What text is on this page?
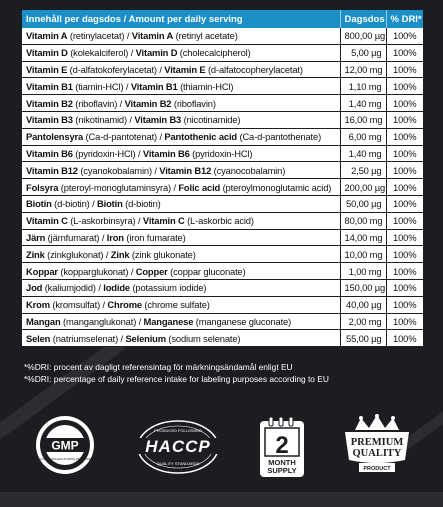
Innehåll per dagsdos / Amount per daily serving	Dagsdos	% DRI*
Vitamin A (retinylacetat) / Vitamin A (retinyl acetate)	800,00 µg	100%
Vitamin D (kolekalciferol) / Vitamin D (cholecalcipherol)	5,00 µg	100%
Vitamin E (d-alfatokoferylacetat) / Vitamin E (d-alfatocopherylacetat)	12,00 mg	100%
Vitamin B1 (tiamin-HCl) / Vitamin B1 (thiamin-HCl)	1,10 mg	100%
Vitamin B2 (riboflavin) / Vitamin B2 (riboflavin)	1,40 mg	100%
Vitamin B3 (nikotinamid) / Vitamin B3 (nicotinamide)	16,00 mg	100%
Pantolensyra (Ca-d-pantotenat) / Pantothenic acid (Ca-d-pantothenate)	6,00 mg	100%
Vitamin B6 (pyridoxin-HCl) / Vitamin B6 (pyridoxin-HCl)	1,40 mg	100%
Vitamin B12 (cyanokobalamin) / Vitamin B12 (cyanocobalamin)	2,50 µg	100%
Folsyra (pteroyl-monoglutaminsyra) / Folic acid (pteroylmonoglutamic acid)	200,00 µg	100%
Biotin (d-biotin) / Biotin (d-biotin)	50,00 µg	100%
Vitamin C (L-askorbinsyra) / Vitamin C (L-askorbic acid)	80,00 mg	100%
Järn (järnfumarat) / Iron (iron fumarate)	14,00 mg	100%
Zink (zinkglukonat) / Zink (zink glukonate)	10,00 mg	100%
Koppar (kopparglukonat) / Copper (coppar gluconate)	1,00 mg	100%
Jod (kaliumjodid) / Iodide (potassium iodide)	150,00 µg	100%
Krom (kromsulfat) / Chrome (chrome sulfate)	40,00 µg	100%
Mangan (manganglukonat) / Manganese (manganese gluconate)	2,00 mg	100%
Selen (natriumselenat) / Selenium (sodium selenate)	55,00 µg	100%
*%DRI: procent av dagligt referensintag för märkningsändamål enligt EU
*%DRI: percentage of daily reference intake for labeling purposes according to EU
GMP
GOOD MANUFACTURING PRACTICE
PRODUCED FOLLOWING
HACCP
QUALITY STANDARDS
2
MONTH
SUPPLY
PREMIUM
QUALITY
PRODUCT
